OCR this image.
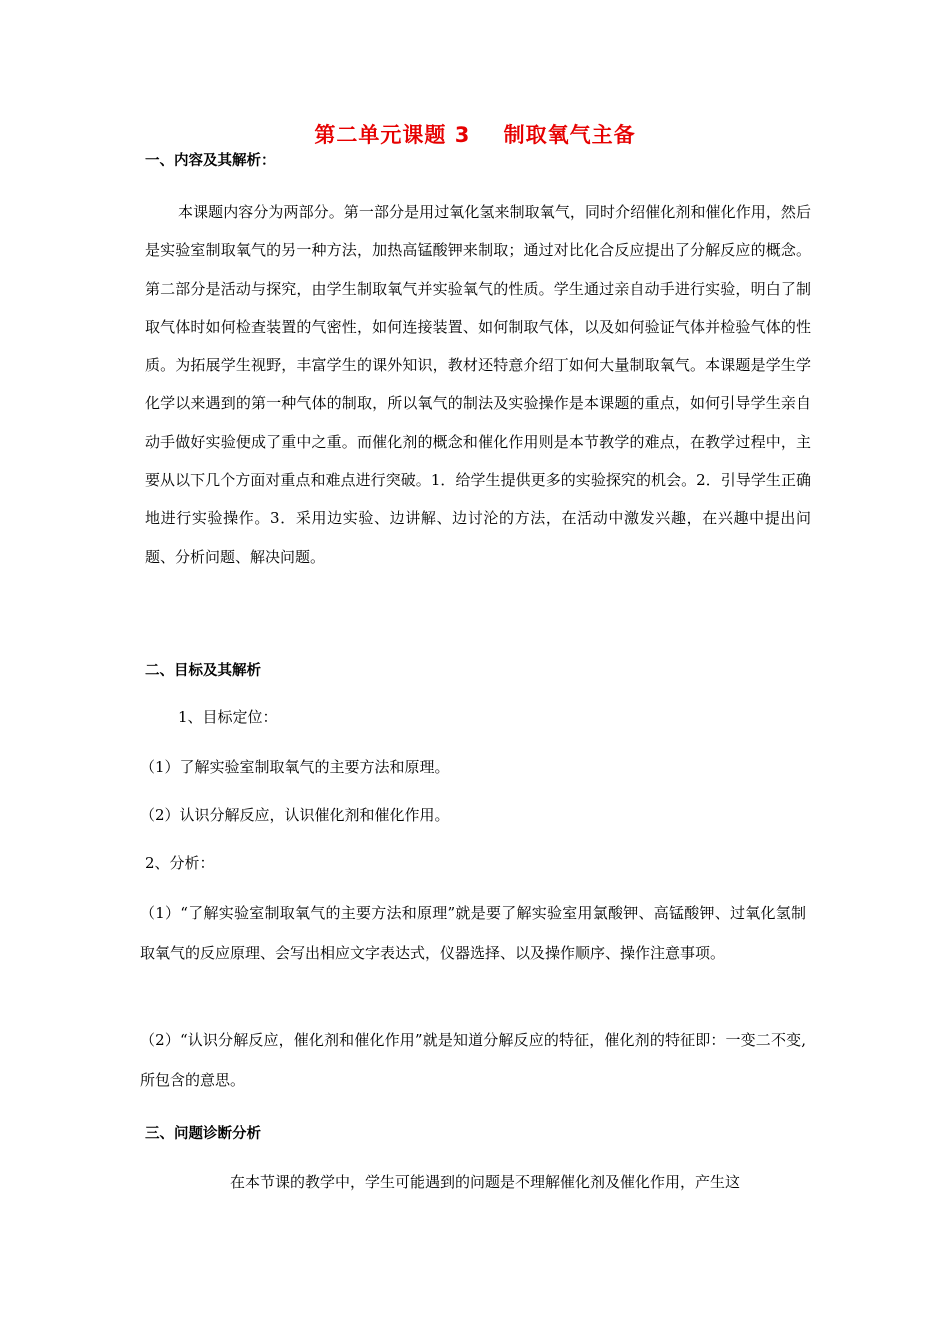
第二单元课题 3    制取氧气主备
一、内容及其解析：
本课题内容分为两部分。第一部分是用过氧化氢来制取氧气，同时介绍催化剂和催化作用，然后是实验室制取氧气的另一种方法，加热高锰酸钾来制取；通过对比化合反应提出了分解反应的概念。 第二部分是活动与探究，由学生制取氧气并实验氧气的性质。学生通过亲自动手进行实验，明白了制取气体时如何检查装置的气密性，如何连接装置、如何制取气体，以及如何验证气体并检验气体的性质。为拓展学生视野，丰富学生的课外知识，教材还特意介绍丁如何大量制取氧气。本课题是学生学化学以来遇到的第一种气体的制取，所以氧气的制法及实验操作是本课题的重点，如何引导学生亲自动手做好实验便成了重中之重。而催化剂的概念和催化作用则是本节教学的难点，在教学过程中，主要从以下几个方面对重点和难点进行突破。1．给学生提供更多的实验探究的机会。2．引导学生正确地进行实验操作。3．采用边实验、边讲解、边讨沦的方法，在活动中激发兴趣，在兴趣中提出问题、分析问题、解决问题。
二、目标及其解析
1、目标定位：
（1）了解实验室制取氧气的主要方法和原理。
（2）认识分解反应，认识催化剂和催化作用。
2、分析：
（1）“了解实验室制取氧气的主要方法和原理”就是要了解实验室用氯酸钾、高锰酸钾、过氧化氢制取氧气的反应原理、会写出相应文字表达式，仪器选择、以及操作顺序、操作注意事项。
（2）“认识分解反应，催化剂和催化作用”就是知道分解反应的特征，催化剂的特征即：一变二不变,所包含的意思。
三、问题诊断分析
在本节课的教学中，学生可能遇到的问题是不理解催化剂及催化作用，产生这
